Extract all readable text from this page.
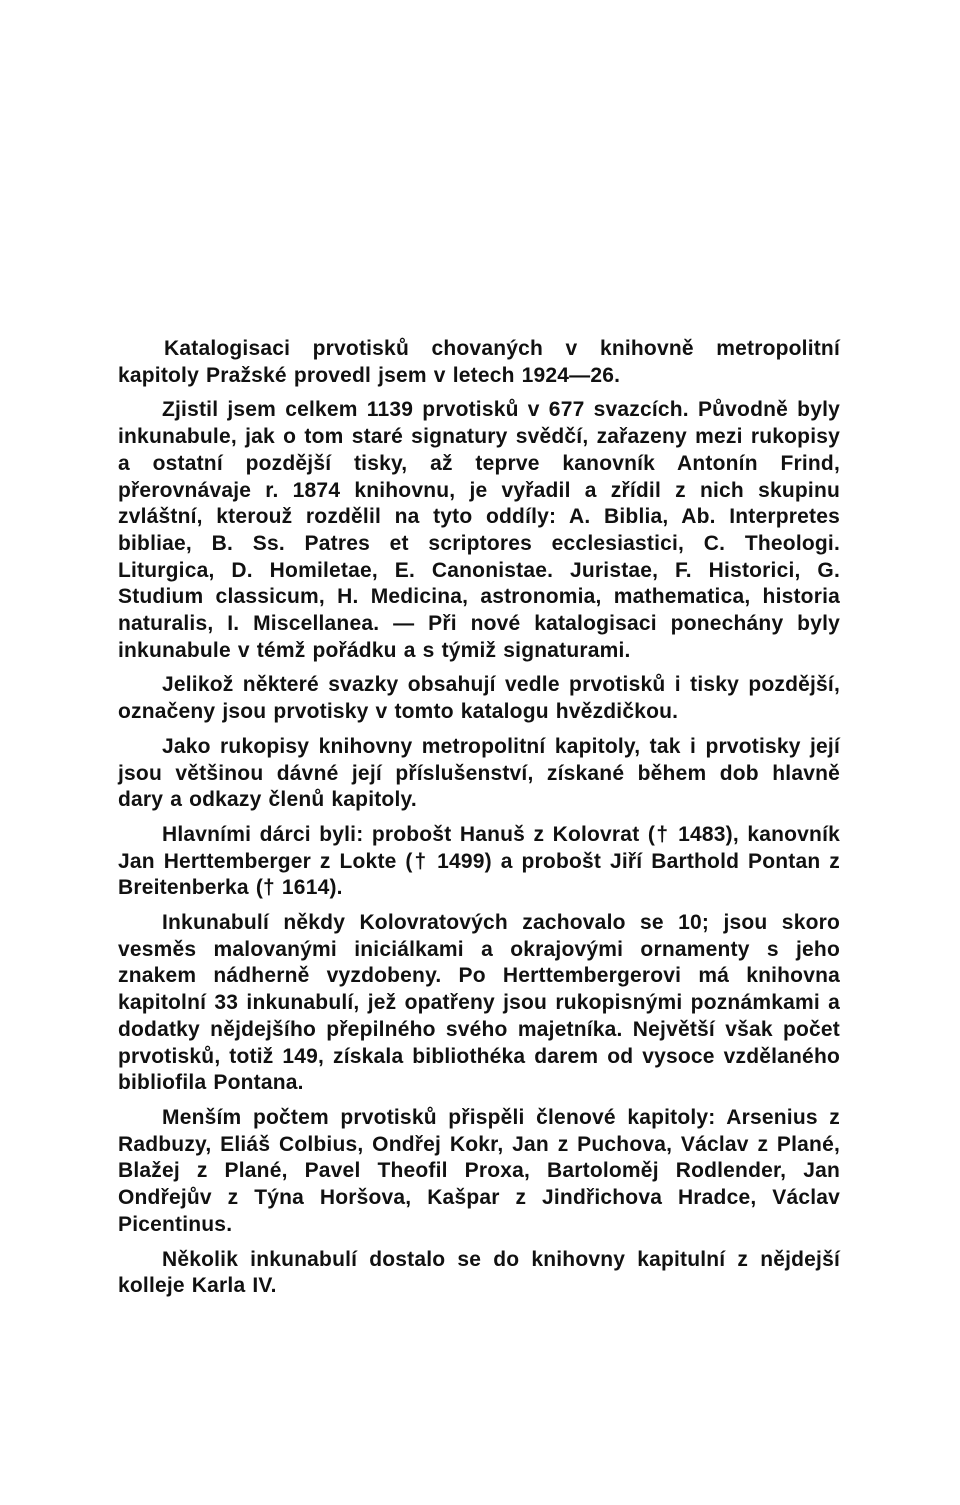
Katalogisaci prvotisků chovaných v knihovně metropolitní kapitoly Pražské provedl jsem v letech 1924—26.

Zjistil jsem celkem 1139 prvotisků v 677 svazcích. Původně byly inkunabule, jak o tom staré signatury svědčí, zařazeny mezi rukopisy a ostatní pozdější tisky, až teprve kanovník Antonín Frind, přerovnávaje r. 1874 knihovnu, je vyřadil a zřídil z nich skupinu zvláštní, kterouž rozdělil na tyto oddíly: A. Biblia, Ab. Interpretes bibliae, B. Ss. Patres et scriptores ecclesiastici, C. Theologi. Liturgica, D. Homiletae, E. Canonistae. Juristae, F. Historici, G. Studium classicum, H. Medicina, astronomia, mathematica, historia naturalis, I. Miscellanea. — Při nové katalogisaci ponechány byly inkunabule v témž pořádku a s týmiž signaturami.

Jelikož některé svazky obsahují vedle prvotisků i tisky pozdější, označeny jsou prvotisky v tomto katalogu hvězdičkou.

Jako rukopisy knihovny metropolitní kapitoly, tak i prvotisky její jsou většinou dávné její příslušenství, získané během dob hlavně dary a odkazy členů kapitoly.

Hlavními dárci byli: probošt Hanuš z Kolovrat († 1483), kanovník Jan Herttemberger z Lokte († 1499) a probošt Jiří Barthold Pontan z Breitenberka († 1614).

Inkunabulí někdy Kolovratových zachovalo se 10; jsou skoro vesměs malovanými iniciálkami a okrajovými ornamenty s jeho znakem nádherně vyzdobeny. Po Herttembergerovi má knihovna kapitolní 33 inkunabulí, jež opatřeny jsou rukopisnými poznámkami a dodatky nějdejšího přepilného svého majetníka. Největší však počet prvotisků, totiž 149, získala bibliothéka darem od vysoce vzdělaného bibliofila Pontana.

Menším počtem prvotisků přispěli členové kapitoly: Arsenius z Radbuzy, Eliáš Colbius, Ondřej Kokr, Jan z Puchova, Václav z Plané, Blažej z Plané, Pavel Theofil Proxa, Bartoloměj Rodlender, Jan Ondřejův z Týna Horšova, Kašpar z Jindřichova Hradce, Václav Picentinus.

Několik inkunabulí dostalo se do knihovny kapitulní z nějdejší kolleje Karla IV.
